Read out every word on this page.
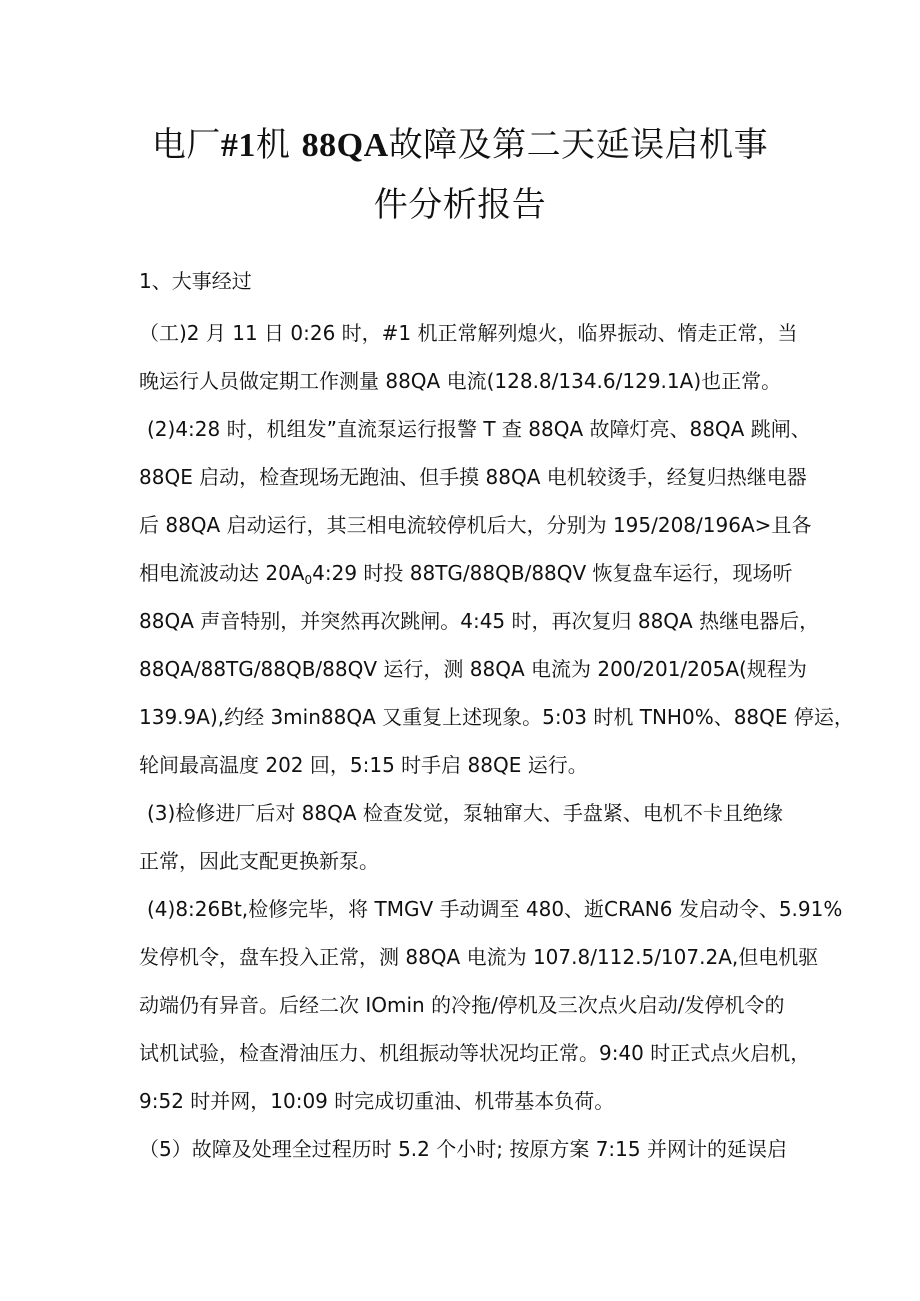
电厂#1机 88QA故障及第二天延误启机事
件分析报告
1、大事经过
（工)2 月 11 日 0:26 时，#1 机正常解列熄火，临界振动、惰走正常，当
晚运行人员做定期工作测量 88QA 电流(128.8/134.6/129.1A)也正常。
(2)4:28 时，机组发”直流泵运行报警 T 查 88QA 故障灯亮、88QA 跳闸、
88QE 启动，检查现场无跑油、但手摸 88QA 电机较烫手，经复归热继电器
后 88QA 启动运行，其三相电流较停机后大，分别为 195∕208∕196A>且各
相电流波动达 $20A_04:29$ 时投 88TG/88QB/88QV 恢复盘车运行，现场听
88QA 声音特别，并突然再次跳闸。4:45 时，再次复归 88QA 热继电器后，
88QA/88TG/88QB/88QV 运行，测 88QA 电流为 200/201/205A(规程为
139.9A),约经 3min88QA 又重复上述现象。5:03 时机 TNH0%、88QE 停运，
轮间最高温度 202 回，5:15 时手启 88QE 运行。
(3)检修进厂后对 88QA 检查发觉，泵轴窜大、手盘紧、电机不卡且绝缘
正常，因此支配更换新泵。
(4)8:26Bt,检修完毕，将 TMGV 手动调至 480、逝CRAN6 发启动令、5.91%
发停机令，盘车投入正常，测 88QA 电流为 107.8/112.5/107.2A,但电机驱
动端仍有异音。后经二次 IOmin 的冷拖/停机及三次点火启动/发停机令的
试机试验，检查滑油压力、机组振动等状况均正常。9:40 时正式点火启机，
9:52 时并网，10:09 时完成切重油、机带基本负荷。
（5）故障及处理全过程历时 5.2 个小时; 按原方案 7:15 并网计的延误启
